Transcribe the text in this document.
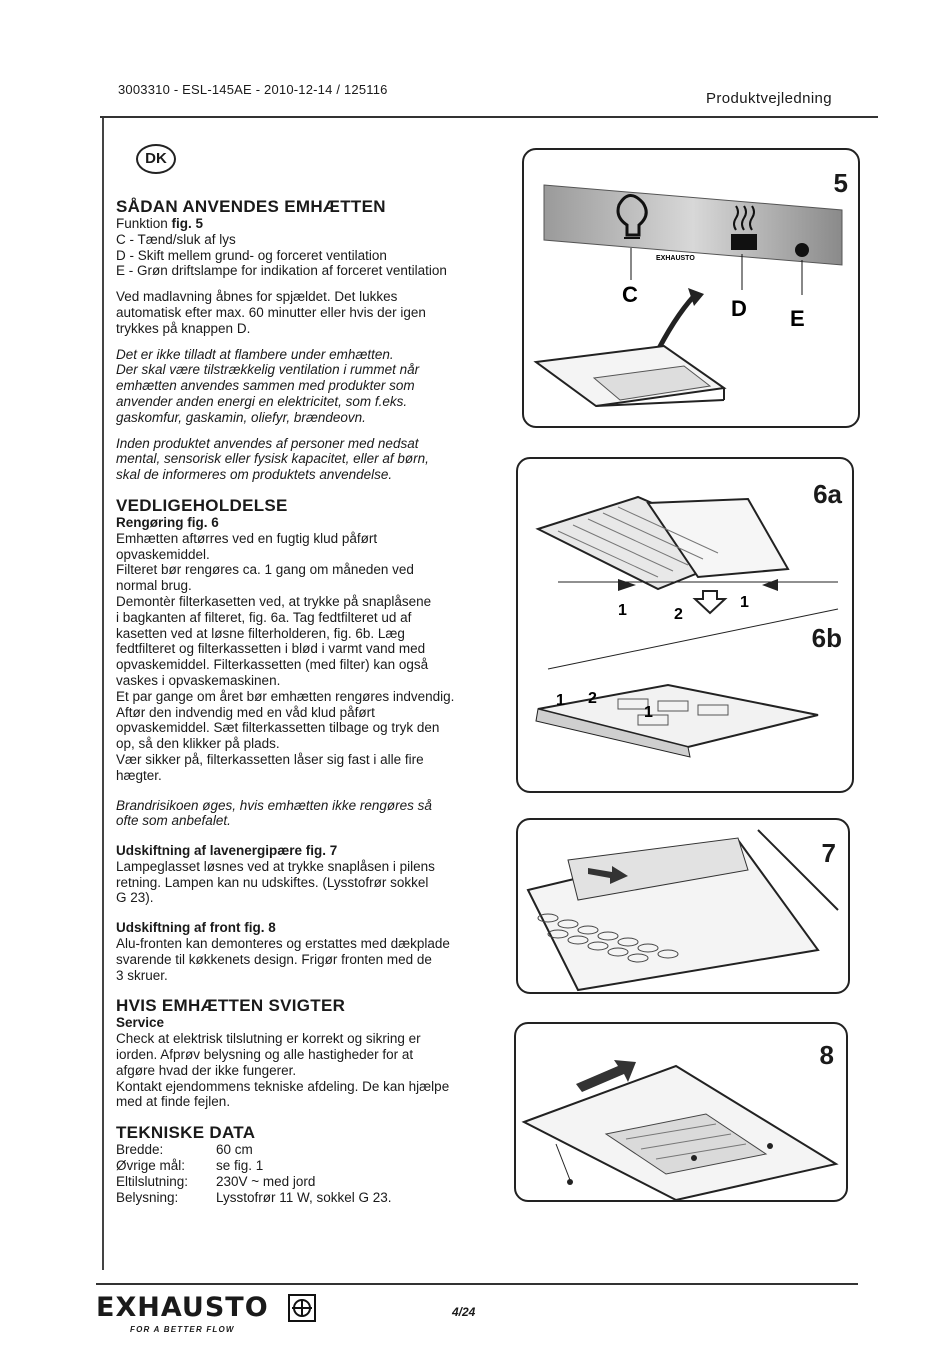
3003310 - ESL-145AE - 2010-12-14 / 125116
Produktvejledning
DK
SÅDAN ANVENDES EMHÆTTEN

Funktion fig. 5

C - Tænd/sluk af lys

D - Skift mellem grund- og forceret ventilation

E - Grøn driftslampe for indikation af forceret ventilation

Ved madlavning åbnes for spjældet. Det lukkes

automatisk efter max. 60 minutter eller hvis der igen

trykkes på knappen D.

Det er ikke tilladt at flambere under emhætten.

Der skal være tilstrækkelig ventilation i rummet når

emhætten anvendes sammen med produkter som

anvender anden energi en elektricitet, som f.eks.

gaskomfur, gaskamin, oliefyr, brændeovn.

Inden produktet anvendes af personer med nedsat

mental, sensorisk eller fysisk kapacitet, eller af børn,

skal de informeres om produktets anvendelse.

VEDLIGEHOLDELSE

Rengøring fig. 6

Emhætten aftørres ved en fugtig klud påført

opvaskemiddel.

Filteret bør rengøres ca. 1 gang om måneden ved

normal brug.

Demontèr filterkasetten ved, at trykke på snaplåsene

i bagkanten af filteret, fig. 6a. Tag fedtfilteret ud af

kasetten ved at løsne filterholderen, fig. 6b. Læg

fedtfilteret og filterkassetten i blød i varmt vand med

opvaskemiddel. Filterkassetten (med filter) kan også

vaskes i opvaskemaskinen.

Et par gange om året bør emhætten rengøres indvendig.

Aftør den indvendig med en våd klud påført

opvaskemiddel. Sæt filterkassetten tilbage og tryk den

op, så den klikker på plads.

Vær sikker på, filterkassetten låser sig fast i alle fire

hægter.

Brandrisikoen øges, hvis emhætten ikke rengøres så

ofte som anbefalet.

Udskiftning af lavenergipære fig. 7

Lampeglasset løsnes ved at trykke snaplåsen i pilens

retning. Lampen kan nu udskiftes. (Lysstofrør sokkel

G 23).

Udskiftning af front fig. 8

Alu-fronten kan demonteres og erstattes med dækplade

svarende til køkkenets design. Frigør fronten med de

3 skruer.

HVIS EMHÆTTEN SVIGTER

Service

Check at elektrisk tilslutning er korrekt og sikring er

iorden. Afprøv belysning og alle hastigheder for at

afgøre hvad der ikke fungerer.

Kontakt ejendommens tekniske afdeling. De kan hjælpe

med at finde fejlen.

TEKNISKE DATA
Bredde:	60 cm
Øvrige mål:	se fig. 1
Eltilslutning:	230V ~ med jord
Belysning:	Lysstofrør 11 W, sokkel G 23.
5
EXHAUSTO
C
D E
6a
6b
1	2
1
1 2
1
7
8
EXHAUSTO
FOR A BETTER FLOW
4/24
